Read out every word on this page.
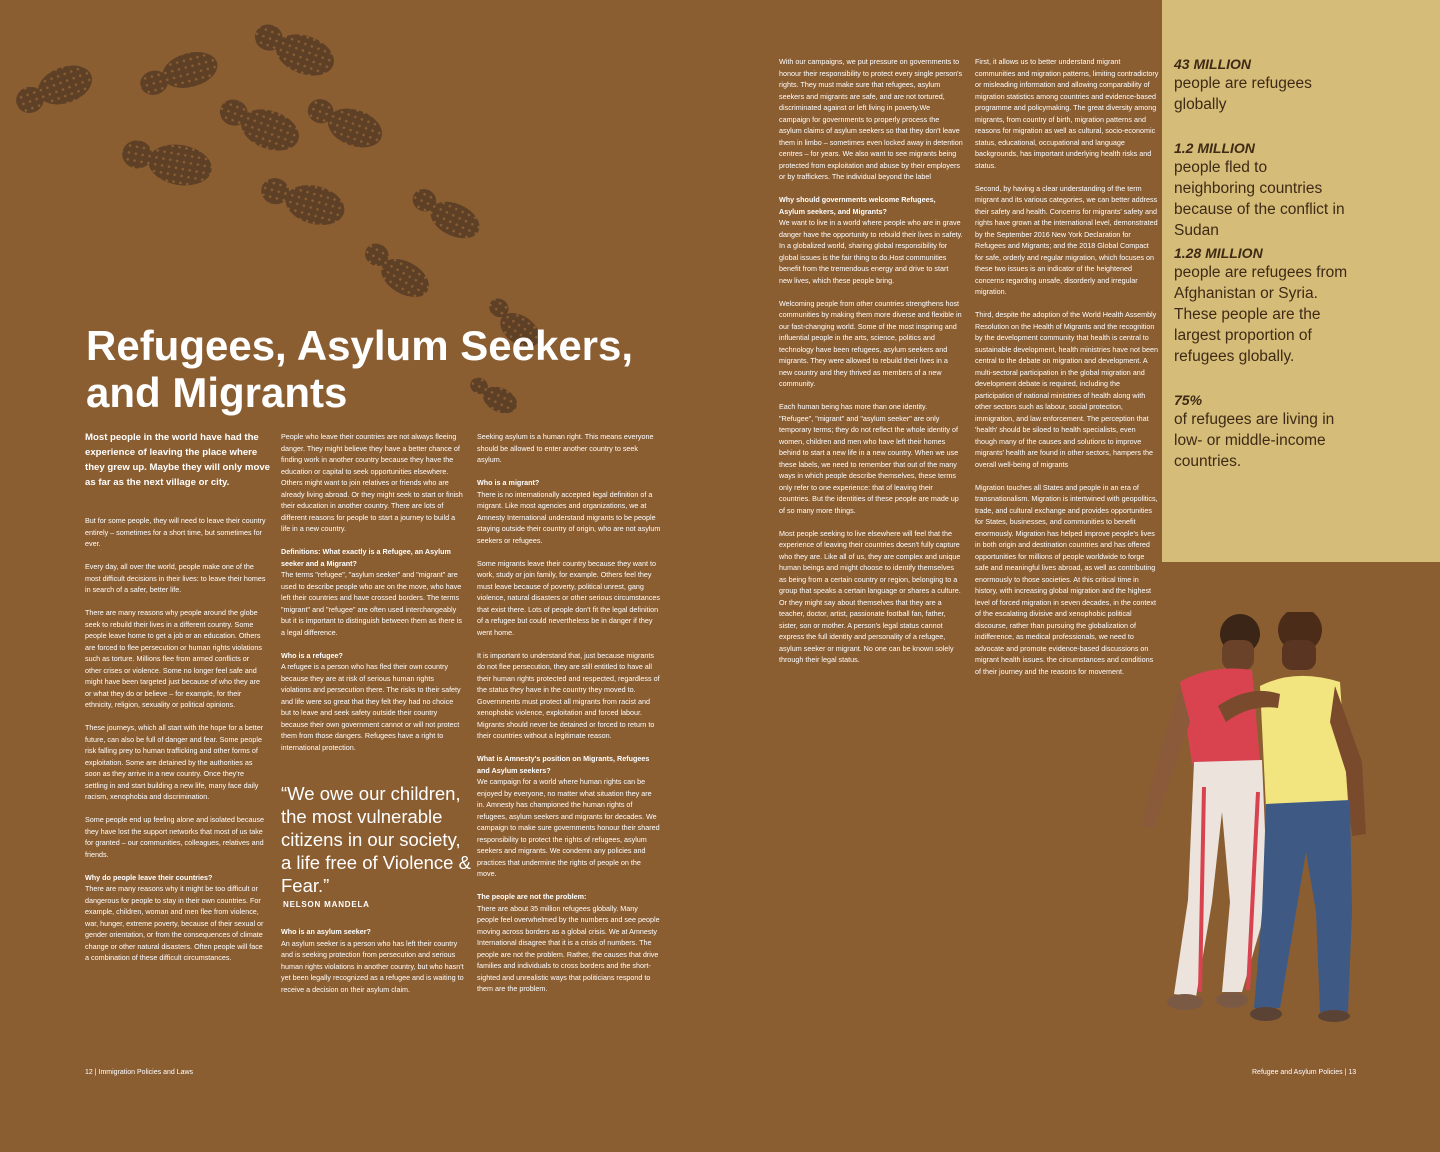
Refugees, Asylum Seekers,
and Migrants
Most people in the world have had the experience of leaving the place where they grew up. Maybe they will only move as far as the next village or city.

But for some people, they will need to leave their country entirely – sometimes for a short time, but sometimes for ever.

Every day, all over the world, people make one of the most difficult decisions in their lives: to leave their homes in search of a safer, better life.

There are many reasons why people around the globe seek to rebuild their lives in a different country. Some people leave home to get a job or an education. Others are forced to flee persecution or human rights violations such as torture. Millions flee from armed conflicts or other crises or violence. Some no longer feel safe and might have been targeted just because of who they are or what they do or believe – for example, for their ethnicity, religion, sexuality or political opinions.

These journeys, which all start with the hope for a better future, can also be full of danger and fear. Some people risk falling prey to human trafficking and other forms of exploitation. Some are detained by the authorities as soon as they arrive in a new country. Once they're settling in and start building a new life, many face daily racism, xenophobia and discrimination.

Some people end up feeling alone and isolated because they have lost the support networks that most of us take for granted – our communities, colleagues, relatives and friends.

Why do people leave their countries?

There are many reasons why it might be too difficult or dangerous for people to stay in their own countries. For example, children, woman and men flee from violence, war, hunger, extreme poverty, because of their sexual or gender orientation, or from the consequences of climate change or other natural disasters. Often people will face a combination of these difficult circumstances.

People who leave their countries are not always fleeing danger. They might believe they have a better chance of finding work in another country because they have the education or capital to seek opportunities elsewhere. Others might want to join relatives or friends who are already living abroad. Or they might seek to start or finish their education in another country. There are lots of different reasons for people to start a journey to build a life in a new country.

Definitions: What exactly is a Refugee, an Asylum seeker and a Migrant?

The terms "refugee", "asylum seeker" and "migrant" are used to describe people who are on the move, who have left their countries and have crossed borders. The terms "migrant" and "refugee" are often used interchangeably but it is important to distinguish between them as there is a legal difference.

Who is a refugee?

A refugee is a person who has fled their own country because they are at risk of serious human rights violations and persecution there. The risks to their safety and life were so great that they felt they had no choice but to leave and seek safety outside their country because their own government cannot or will not protect them from those dangers. Refugees have a right to international protection.

“We owe our children, the most vulnerable citizens in our society, a life free of Violence & Fear.”
NELSON MANDELA
Who is an asylum seeker?

An asylum seeker is a person who has left their country and is seeking protection from persecution and serious human rights violations in another country, but who hasn't yet been legally recognized as a refugee and is waiting to receive a decision on their asylum claim.

Seeking asylum is a human right. This means everyone should be allowed to enter another country to seek asylum.

Who is a migrant?

There is no internationally accepted legal definition of a migrant. Like most agencies and organizations, we at Amnesty International understand migrants to be people staying outside their country of origin, who are not asylum seekers or refugees.

Some migrants leave their country because they want to work, study or join family, for example. Others feel they must leave because of poverty, political unrest, gang violence, natural disasters or other serious circumstances that exist there. Lots of people don't fit the legal definition of a refugee but could nevertheless be in danger if they went home.

It is important to understand that, just because migrants do not flee persecution, they are still entitled to have all their human rights protected and respected, regardless of the status they have in the country they moved to. Governments must protect all migrants from racist and xenophobic violence, exploitation and forced labour. Migrants should never be detained or forced to return to their countries without a legitimate reason.

What is Amnesty's position on Migrants, Refugees and Asylum seekers?

We campaign for a world where human rights can be enjoyed by everyone, no matter what situation they are in. Amnesty has championed the human rights of refugees, asylum seekers and migrants for decades. We campaign to make sure governments honour their shared responsibility to protect the rights of refugees, asylum seekers and migrants. We condemn any policies and practices that undermine the rights of people on the move.

The people are not the problem:

There are about 35 million refugees globally. Many people feel overwhelmed by the numbers and see people moving across borders as a global crisis. We at Amnesty International disagree that it is a crisis of numbers. The people are not the problem. Rather, the causes that drive families and individuals to cross borders and the short-sighted and unrealistic ways that politicians respond to them are the problem.

With our campaigns, we put pressure on governments to honour their responsibility to protect every single person's rights. They must make sure that refugees, asylum seekers and migrants are safe, and are not tortured, discriminated against or left living in poverty.We campaign for governments to properly process the asylum claims of asylum seekers so that they don't leave them in limbo – sometimes even locked away in detention centres – for years. We also want to see migrants being protected from exploitation and abuse by their employers or by traffickers. The individual beyond the label

Why should governments welcome Refugees, Asylum seekers, and Migrants?

We want to live in a world where people who are in grave danger have the opportunity to rebuild their lives in safety. In a globalized world, sharing global responsibility for global issues is the fair thing to do.Host communities benefit from the tremendous energy and drive to start new lives, which these people bring.

Welcoming people from other countries strengthens host communities by making them more diverse and flexible in our fast-changing world. Some of the most inspiring and influential people in the arts, science, politics and technology have been refugees, asylum seekers and migrants. They were allowed to rebuild their lives in a new country and they thrived as members of a new community.

Each human being has more than one identity. "Refugee", "migrant" and "asylum seeker" are only temporary terms; they do not reflect the whole identity of women, children and men who have left their homes behind to start a new life in a new country. When we use these labels, we need to remember that out of the many ways in which people describe themselves, these terms only refer to one experience: that of leaving their countries. But the identities of these people are made up of so many more things.

Most people seeking to live elsewhere will feel that the experience of leaving their countries doesn't fully capture who they are. Like all of us, they are complex and unique human beings and might choose to identify themselves as being from a certain country or region, belonging to a group that speaks a certain language or shares a culture. Or they might say about themselves that they are a teacher, doctor, artist, passionate football fan, father, sister, son or mother. A person's legal status cannot express the full identity and personality of a refugee, asylum seeker or migrant. No one can be known solely through their legal status.

First, it allows us to better understand migrant communities and migration patterns, limiting contradictory or misleading information and allowing comparability of migration statistics among countries and evidence-based programme and policymaking. The great diversity among migrants, from country of birth, migration patterns and reasons for migration as well as cultural, socio-economic status, educational, occupational and language backgrounds, has important underlying health risks and status.

Second, by having a clear understanding of the term migrant and its various categories, we can better address their safety and health. Concerns for migrants' safety and rights have grown at the international level, demonstrated by the September 2016 New York Declaration for Refugees and Migrants; and the 2018 Global Compact for safe, orderly and regular migration, which focuses on these two issues is an indicator of the heightened concerns regarding unsafe, disorderly and irregular migration.

Third, despite the adoption of the World Health Assembly Resolution on the Health of Migrants and the recognition by the development community that health is central to sustainable development, health ministries have not been central to the debate on migration and development. A multi-sectoral participation in the global migration and development debate is required, including the participation of national ministries of health along with other sectors such as labour, social protection, immigration, and law enforcement. The perception that 'health' should be siloed to health specialists, even though many of the causes and solutions to improve migrants' health are found in other sectors, hampers the overall well-being of migrants

Migration touches all States and people in an era of transnationalism. Migration is intertwined with geopolitics, trade, and cultural exchange and provides opportunities for States, businesses, and communities to benefit enormously. Migration has helped improve people's lives in both origin and destination countries and has offered opportunities for millions of people worldwide to forge safe and meaningful lives abroad, as well as contributing enormously to those societies. At this critical time in history, with increasing global migration and the highest level of forced migration in seven decades, in the context of the escalating divisive and xenophobic political discourse, rather than pursuing the globalization of indifference, as medical professionals, we need to advocate and promote evidence-based discussions on migrant health issues. the circumstances and conditions of their journey and the reasons for movement.

43 MILLION
people are refugees globally
1.2 MILLION
people fled to neighboring countries because of the conflict in Sudan
1.28 MILLION
people are refugees from Afghanistan or Syria. These people are the largest proportion of refugees globally.
75%
of refugees are living in low- or middle-income countries.
12 | Immigration Policies and Laws	Refugee and Asylum Policies | 13
